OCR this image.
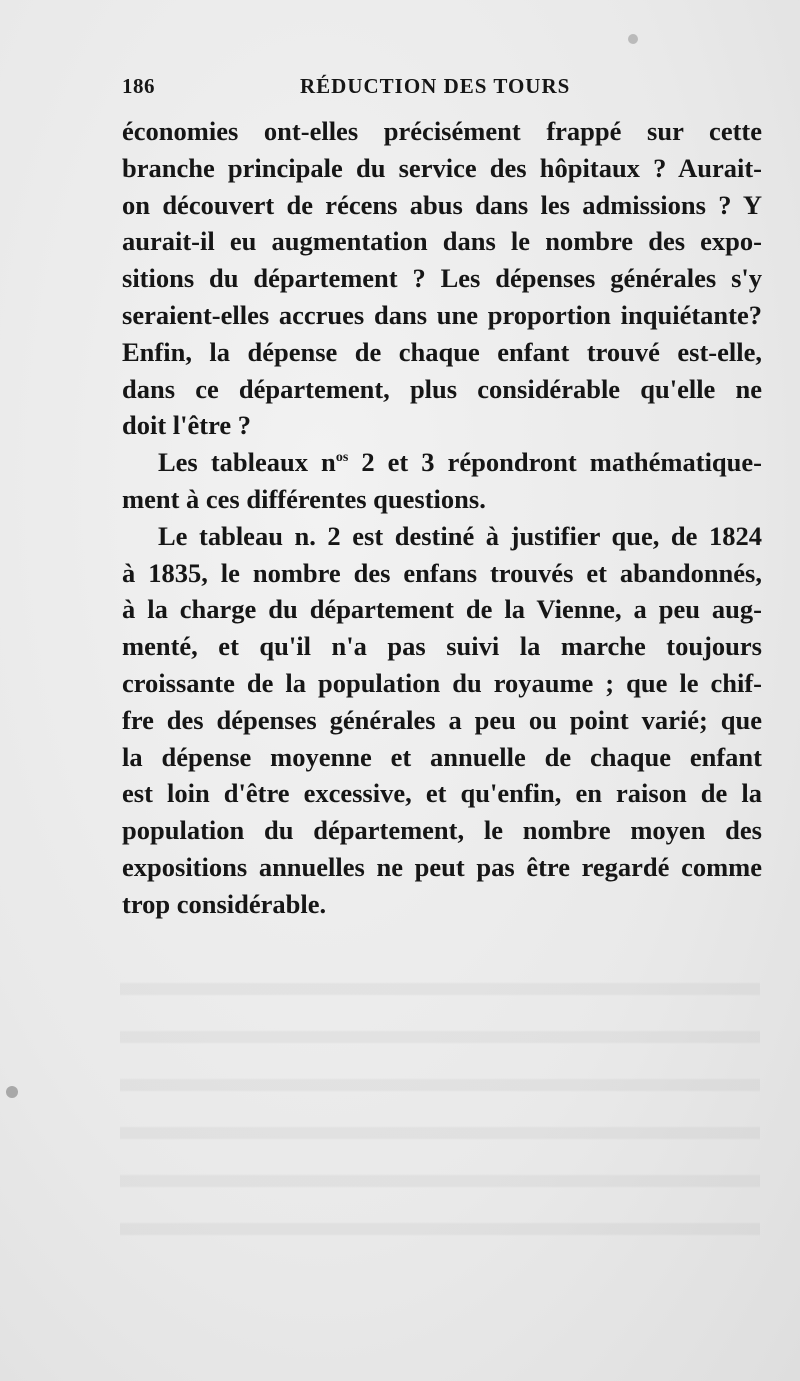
186	RÉDUCTION DES TOURS

économies ont-elles précisément frappé sur cette
branche principale du service des hôpitaux ? Aurait-
on découvert de récens abus dans les admissions ? Y
aurait-il eu augmentation dans le nombre des expo-
sitions du département ? Les dépenses générales s'y
seraient-elles accrues dans une proportion inquiétante?
Enfin, la dépense de chaque enfant trouvé est-elle,
dans ce département, plus considérable qu'elle ne
doit l'être ?

Les tableaux $n^{os}$ 2 et 3 répondront mathématique-
ment à ces différentes questions.

Le tableau n. 2 est destiné à justifier que, de 1824
à 1835, le nombre des enfans trouvés et abandonnés,
à la charge du département de la Vienne, a peu aug-
menté, et qu'il n'a pas suivi la marche toujours
croissante de la population du royaume ; que le chif-
fre des dépenses générales a peu ou point varié; que
la dépense moyenne et annuelle de chaque enfant
est loin d'être excessive, et qu'enfin, en raison de la
population du département, le nombre moyen des
expositions annuelles ne peut pas être regardé comme
trop considérable.
